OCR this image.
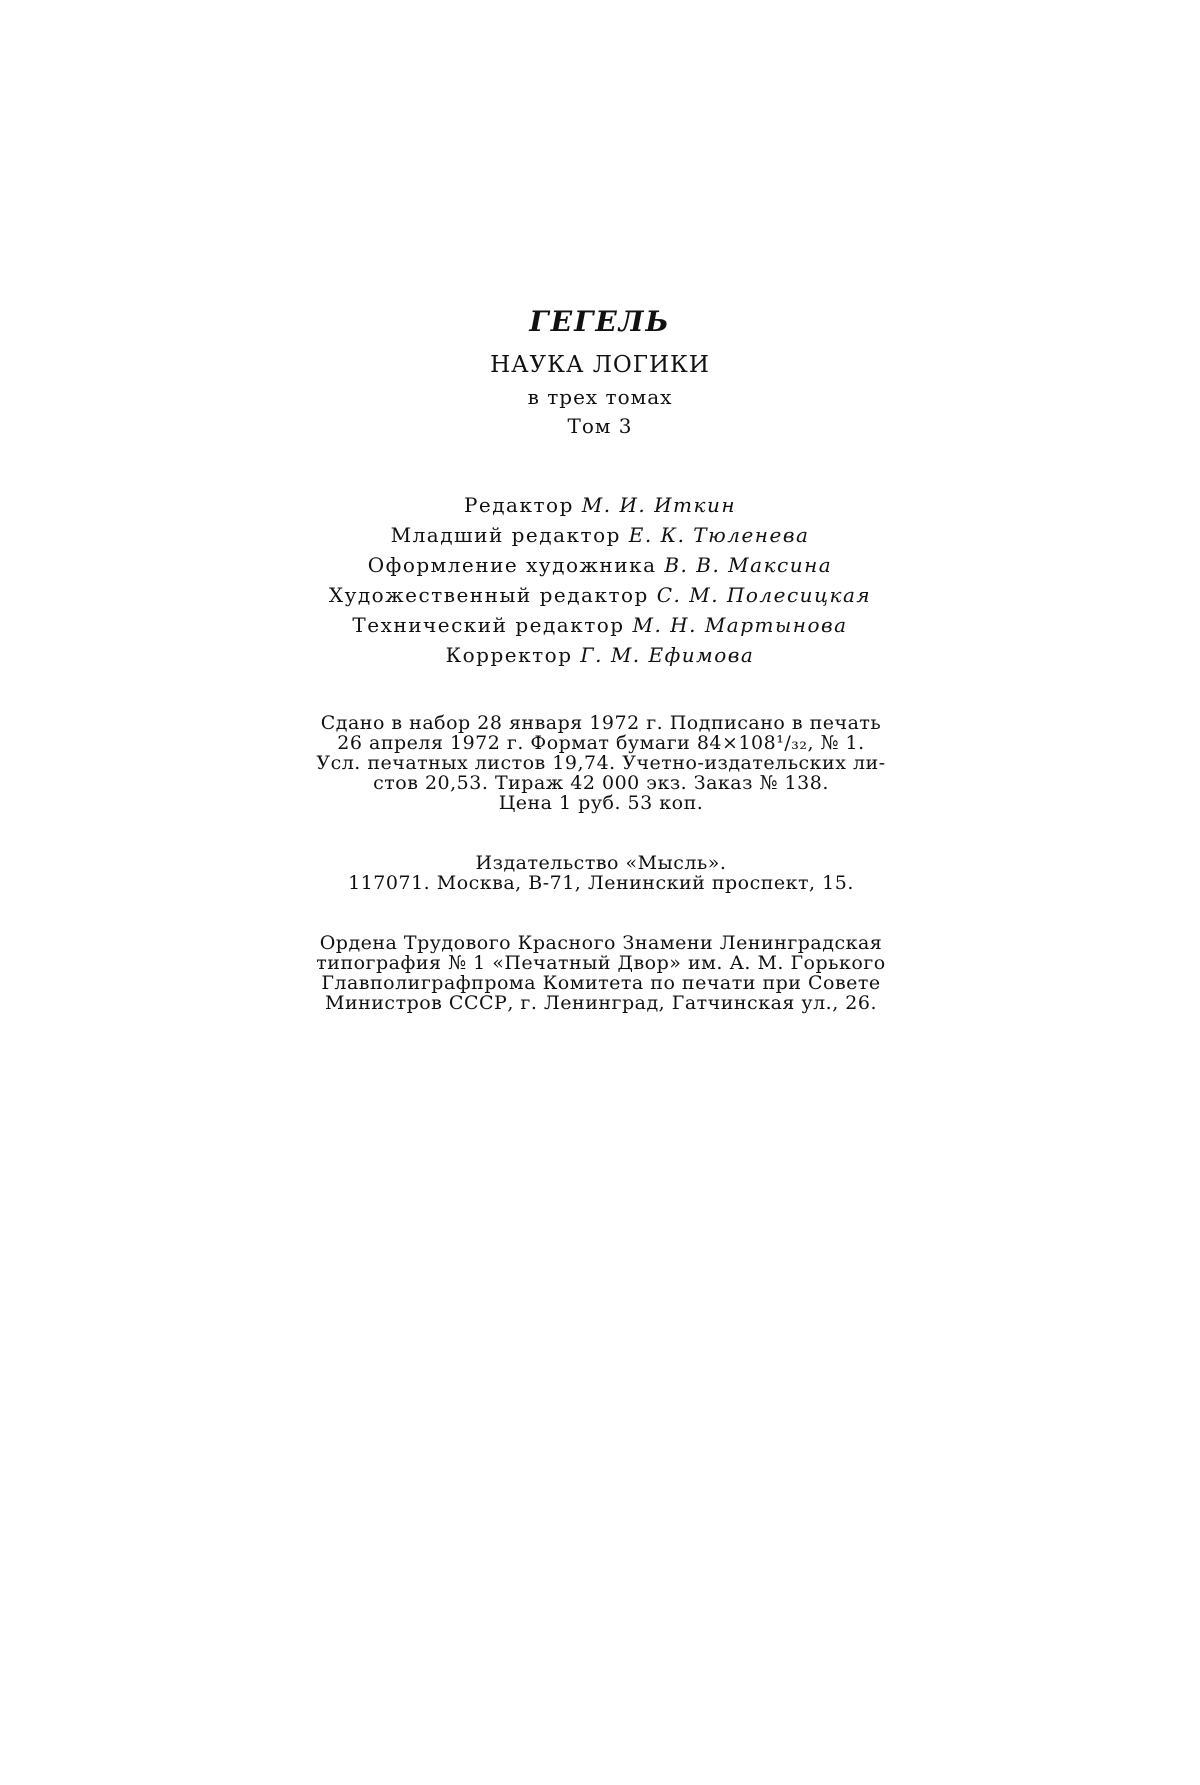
ГЕГЕЛЬ
НАУКА ЛОГИКИ
в трех томах
Том 3
Редактор М. И. Иткин
Младший редактор Е. К. Тюленева
Оформление художника В. В. Максина
Художественный редактор С. М. Полесицкая
Технический редактор М. Н. Мартынова
Корректор Г. М. Ефимова
Сдано в набор 28 января 1972 г. Подписано в печать
26 апреля 1972 г. Формат бумаги 84×108¹/₃₂, № 1.
Усл. печатных листов 19,74. Учетно-издательских ли-
стов 20,53. Тираж 42 000 экз. Заказ № 138.
Цена 1 руб. 53 коп.
Издательство «Мысль».
117071. Москва, В-71, Ленинский проспект, 15.
Ордена Трудового Красного Знамени Ленинградская
типография № 1 «Печатный Двор» им. А. М. Горького
Главполиграфпрома Комитета по печати при Совете
Министров СССР, г. Ленинград, Гатчинская ул., 26.
